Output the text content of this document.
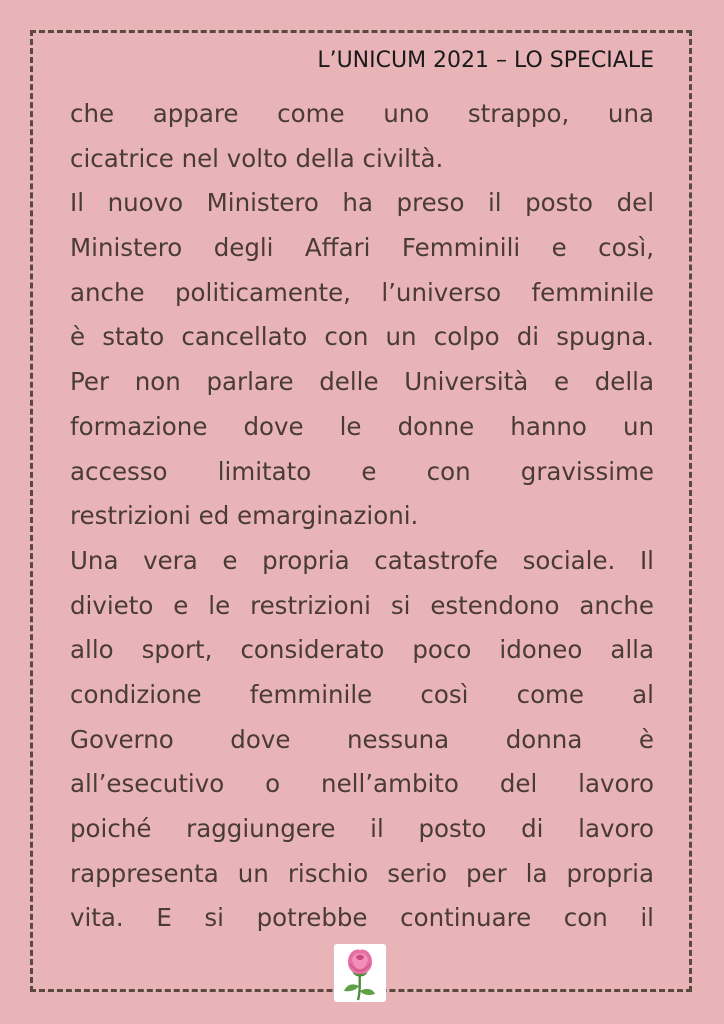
L’UNICUM 2021 – LO SPECIALE
che appare come uno strappo, una
cicatrice nel volto della civiltà.
Il nuovo Ministero ha preso il posto del
Ministero degli Affari Femminili e così,
anche politicamente, l’universo femminile
è stato cancellato con un colpo di spugna.
Per non parlare delle Università e della
formazione dove le donne hanno un
accesso limitato e con gravissime
restrizioni ed emarginazioni.
Una vera e propria catastrofe sociale. Il
divieto e le restrizioni si estendono anche
allo sport, considerato poco idoneo alla
condizione femminile così come al
Governo dove nessuna donna è
all’esecutivo o nell’ambito del lavoro
poiché raggiungere il posto di lavoro
rappresenta un rischio serio per la propria
vita. E si potrebbe continuare con il
